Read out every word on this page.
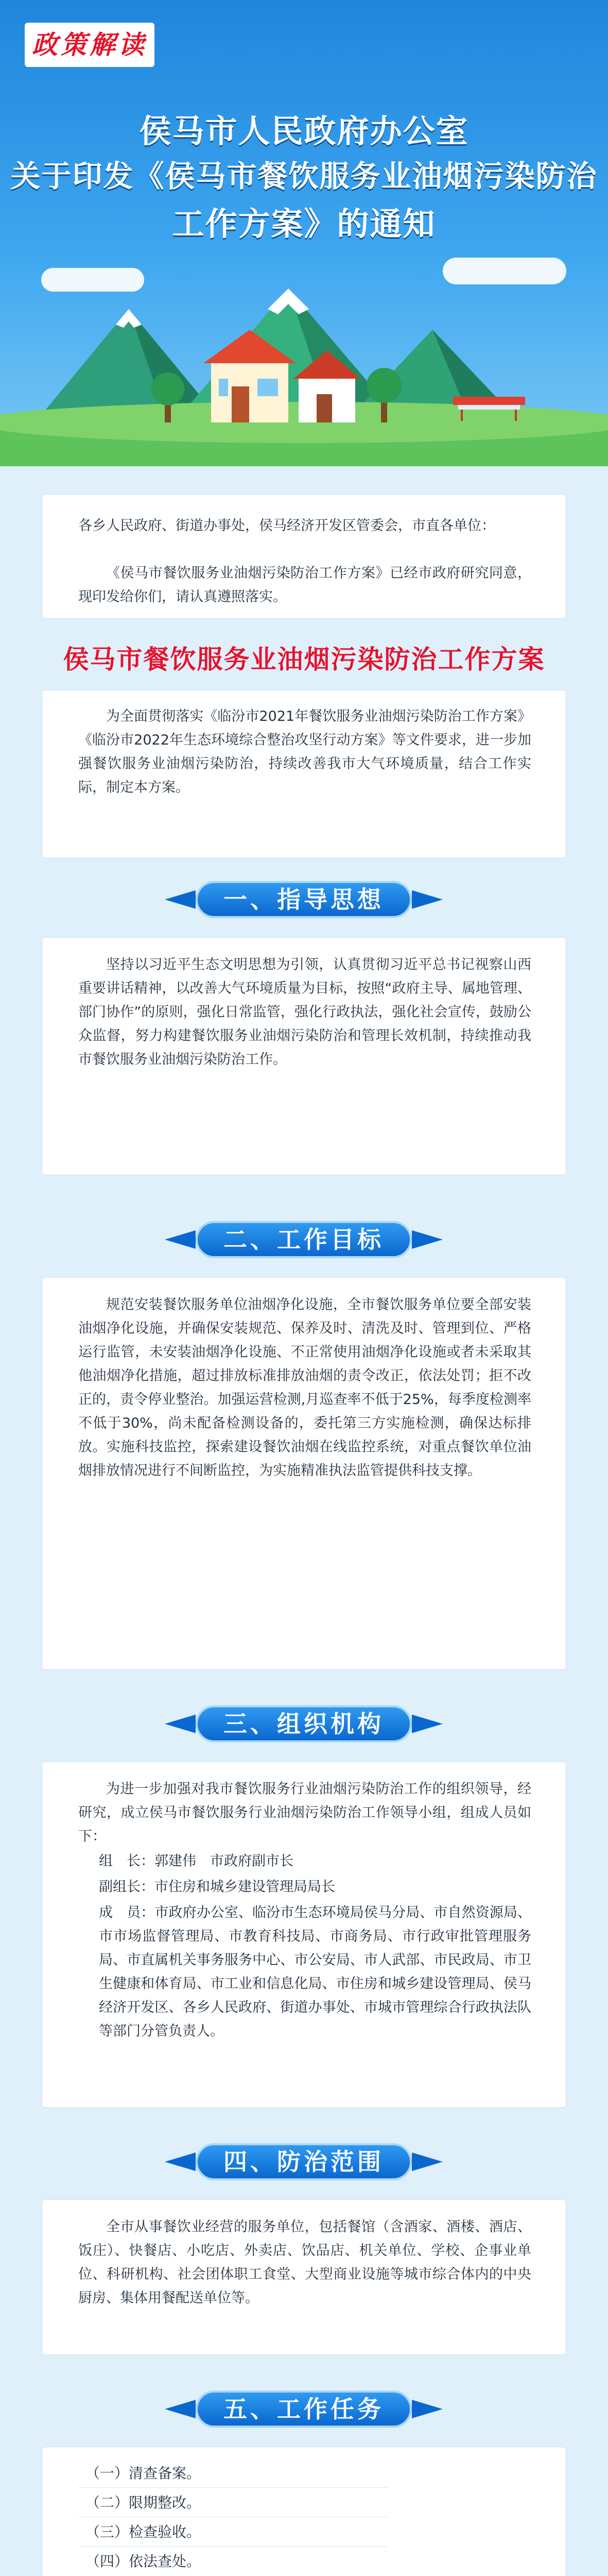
政策解读
侯马市人民政府办公室
关于印发《侯马市餐饮服务业油烟污染防治
工作方案》的通知
各乡人民政府、街道办事处，侯马经济开发区管委会，市直各单位：
《侯马市餐饮服务业油烟污染防治工作方案》已经市政府研究同意，现印发给你们，请认真遵照落实。
侯马市餐饮服务业油烟污染防治工作方案
为全面贯彻落实《临汾市2021年餐饮服务业油烟污染防治工作方案》《临汾市2022年生态环境综合整治攻坚行动方案》等文件要求，进一步加强餐饮服务业油烟污染防治，持续改善我市大气环境质量，结合工作实际，制定本方案。
一、指导思想
坚持以习近平生态文明思想为引领，认真贯彻习近平总书记视察山西重要讲话精神，以改善大气环境质量为目标，按照“政府主导、属地管理、部门协作”的原则，强化日常监管，强化行政执法，强化社会宣传，鼓励公众监督，努力构建餐饮服务业油烟污染防治和管理长效机制，持续推动我市餐饮服务业油烟污染防治工作。
二、工作目标
规范安装餐饮服务单位油烟净化设施，全市餐饮服务单位要全部安装油烟净化设施，并确保安装规范、保养及时、清洗及时、管理到位、严格运行监管，未安装油烟净化设施、不正常使用油烟净化设施或者未采取其他油烟净化措施，超过排放标准排放油烟的责令改正，依法处罚；拒不改正的，责令停业整治。加强运营检测,月巡查率不低于25%，每季度检测率不低于30%，尚未配备检测设备的，委托第三方实施检测，确保达标排放。实施科技监控，探索建设餐饮油烟在线监控系统，对重点餐饮单位油烟排放情况进行不间断监控，为实施精准执法监管提供科技支撑。
三、组织机构
为进一步加强对我市餐饮服务行业油烟污染防治工作的组织领导，经研究，成立侯马市餐饮服务行业油烟污染防治工作领导小组，组成人员如下：
组　长：郭建伟　市政府副市长
副组长：市住房和城乡建设管理局局长
成　员：市政府办公室、临汾市生态环境局侯马分局、市自然资源局、市市场监督管理局、市教育科技局、市商务局、市行政审批管理服务局、市直属机关事务服务中心、市公安局、市人武部、市民政局、市卫生健康和体育局、市工业和信息化局、市住房和城乡建设管理局、侯马经济开发区、各乡人民政府、街道办事处、市城市管理综合行政执法队等部门分管负责人。
四、防治范围
全市从事餐饮业经营的服务单位，包括餐馆（含酒家、酒楼、酒店、饭庄）、快餐店、小吃店、外卖店、饮品店、机关单位、学校、企事业单位、科研机构、社会团体职工食堂、大型商业设施等城市综合体内的中央厨房、集体用餐配送单位等。
五、工作任务
（一）清查备案。
（二）限期整改。
（三）检查验收。
（四）依法查处。
